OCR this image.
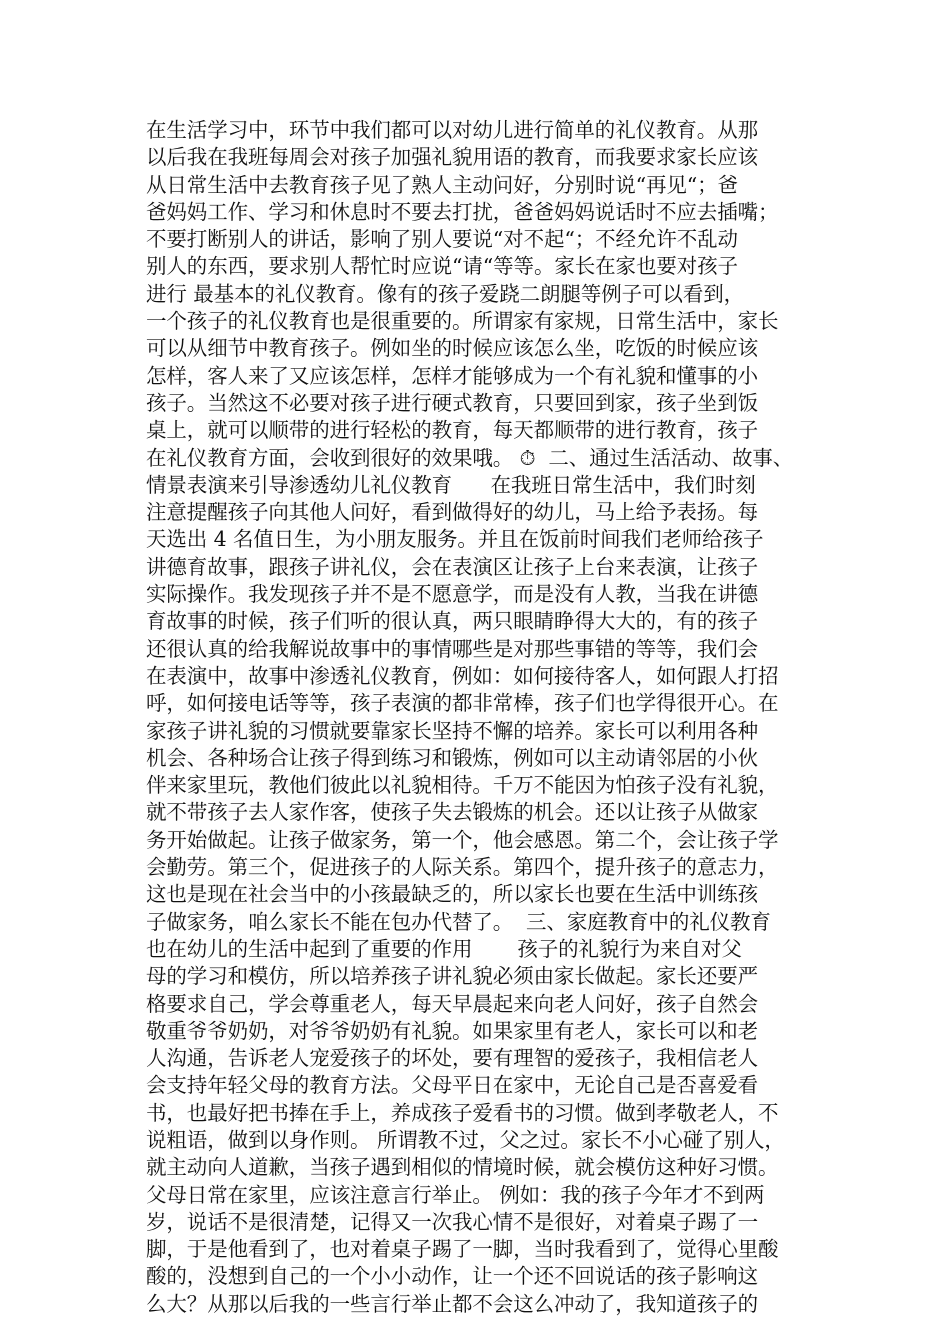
在生活学习中，环节中我们都可以对幼儿进行简单的礼仪教育。从那
以后我在我班每周会对孩子加强礼貌用语的教育，而我要求家长应该
从日常生活中去教育孩子见了熟人主动问好，分别时说“再见“；爸
爸妈妈工作、学习和休息时不要去打扰，爸爸妈妈说话时不应去插嘴；
不要打断别人的讲话，影响了别人要说“对不起“；不经允许不乱动
别人的东西，要求别人帮忙时应说“请“等等。家长在家也要对孩子
进行 最基本的礼仪教育。像有的孩子爱跷二朗腿等例子可以看到，
一个孩子的礼仪教育也是很重要的。所谓家有家规，日常生活中，家长
可以从细节中教育孩子。例如坐的时候应该怎么坐，吃饭的时候应该
怎样，客人来了又应该怎样，怎样才能够成为一个有礼貌和懂事的小
孩子。当然这不必要对孩子进行硬式教育，只要回到家，孩子坐到饭
桌上，就可以顺带的进行轻松的教育，每天都顺带的进行教育，孩子
在礼仪教育方面，会收到很好的效果哦。 ⏱  二、通过生活活动、故事、
情景表演来引导渗透幼儿礼仪教育      在我班日常生活中，我们时刻
注意提醒孩子向其他人问好，看到做得好的幼儿，马上给予表扬。每
天选出 4 名值日生，为小朋友服务。并且在饭前时间我们老师给孩子
讲德育故事，跟孩子讲礼仪，会在表演区让孩子上台来表演，让孩子
实际操作。我发现孩子并不是不愿意学，而是没有人教，当我在讲德
育故事的时候，孩子们听的很认真，两只眼睛睁得大大的，有的孩子
还很认真的给我解说故事中的事情哪些是对那些事错的等等，我们会
在表演中，故事中渗透礼仪教育，例如：如何接待客人，如何跟人打招
呼，如何接电话等等，孩子表演的都非常棒，孩子们也学得很开心。在
家孩子讲礼貌的习惯就要靠家长坚持不懈的培养。家长可以利用各种
机会、各种场合让孩子得到练习和锻炼，例如可以主动请邻居的小伙
伴来家里玩，教他们彼此以礼貌相待。千万不能因为怕孩子没有礼貌，
就不带孩子去人家作客，使孩子失去锻炼的机会。还以让孩子从做家
务开始做起。让孩子做家务，第一个，他会感恩。第二个，会让孩子学
会勤劳。第三个，促进孩子的人际关系。第四个，提升孩子的意志力，
这也是现在社会当中的小孩最缺乏的，所以家长也要在生活中训练孩
子做家务，咱么家长不能在包办代替了。  三、家庭教育中的礼仪教育
也在幼儿的生活中起到了重要的作用       孩子的礼貌行为来自对父
母的学习和模仿，所以培养孩子讲礼貌必须由家长做起。家长还要严
格要求自己，学会尊重老人，每天早晨起来向老人问好，孩子自然会
敬重爷爷奶奶，对爷爷奶奶有礼貌。如果家里有老人，家长可以和老
人沟通，告诉老人宠爱孩子的坏处，要有理智的爱孩子，我相信老人
会支持年轻父母的教育方法。父母平日在家中，无论自己是否喜爱看
书，也最好把书捧在手上，养成孩子爱看书的习惯。做到孝敬老人，不
说粗语，做到以身作则。 所谓教不过，父之过。家长不小心碰了别人，
就主动向人道歉，当孩子遇到相似的情境时候，就会模仿这种好习惯。
父母日常在家里，应该注意言行举止。 例如：我的孩子今年才不到两
岁，说话不是很清楚，记得又一次我心情不是很好，对着桌子踢了一
脚，于是他看到了，也对着桌子踢了一脚，当时我看到了，觉得心里酸
酸的，没想到自己的一个小小动作，让一个还不回说话的孩子影响这
么大？从那以后我的一些言行举止都不会这么冲动了，我知道孩子的
